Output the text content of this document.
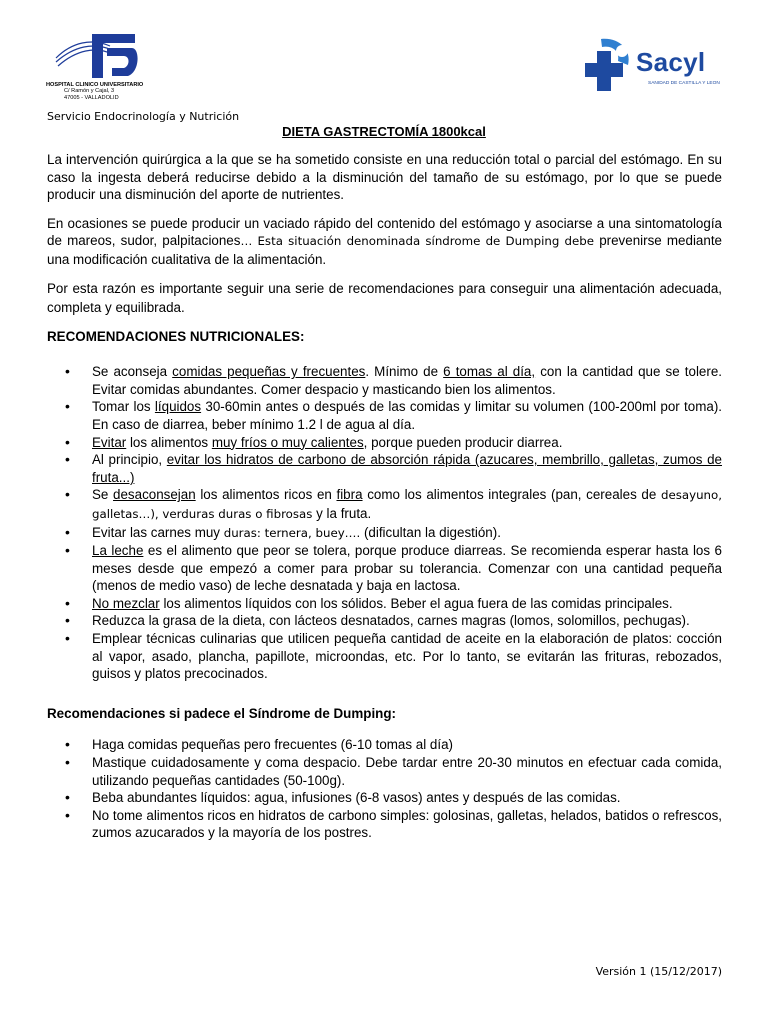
HOSPITAL CLINICO UNIVERSITARIO
C/ Ramón y Cajal, 3
47005 - VALLADOLID
Sacyl
SANIDAD DE CASTILLA Y LEON
Servicio Endocrinología y Nutrición
DIETA GASTRECTOMÍA 1800kcal

La intervención quirúrgica a la que se ha sometido consiste en una reducción total o parcial del estómago. En su caso la ingesta deberá reducirse debido a la disminución del tamaño de su estómago, por lo que se puede producir una disminución del aporte de nutrientes.

En ocasiones se puede producir un vaciado rápido del contenido del estómago y asociarse a una sintomatología de mareos, sudor, palpitaciones… Esta situación denominada síndrome de Dumping debe prevenirse mediante una modificación cualitativa de la alimentación.

Por esta razón es importante seguir una serie de recomendaciones para conseguir una alimentación adecuada, completa y equilibrada.

RECOMENDACIONES NUTRICIONALES:
• Se aconseja comidas pequeñas y frecuentes. Mínimo de 6 tomas al día, con la cantidad que se tolere. Evitar comidas abundantes. Comer despacio y masticando bien los alimentos.
• Tomar los líquidos 30-60min antes o después de las comidas y limitar su volumen (100-200ml por toma). En caso de diarrea, beber mínimo 1.2 l de agua al día.
• Evitar los alimentos muy fríos o muy calientes, porque pueden producir diarrea.
• Al principio, evitar los hidratos de carbono de absorción rápida (azucares, membrillo, galletas, zumos de fruta...)
• Se desaconsejan los alimentos ricos en fibra como los alimentos integrales (pan, cereales de desayuno, galletas…), verduras duras o fibrosas y la fruta.
• Evitar las carnes muy duras: ternera, buey…. (dificultan la digestión).
• La leche es el alimento que peor se tolera, porque produce diarreas. Se recomienda esperar hasta los 6 meses desde que empezó a comer para probar su tolerancia. Comenzar con una cantidad pequeña (menos de medio vaso) de leche desnatada y baja en lactosa.
• No mezclar los alimentos líquidos con los sólidos. Beber el agua fuera de las comidas principales.
• Reduzca la grasa de la dieta, con lácteos desnatados, carnes magras (lomos, solomillos, pechugas).
• Emplear técnicas culinarias que utilicen pequeña cantidad de aceite en la elaboración de platos: cocción al vapor, asado, plancha, papillote, microondas, etc. Por lo tanto, se evitarán las frituras, rebozados, guisos y platos precocinados.
Recomendaciones si padece el Síndrome de Dumping:
• Haga comidas pequeñas pero frecuentes (6-10 tomas al día)
• Mastique cuidadosamente y coma despacio. Debe tardar entre 20-30 minutos en efectuar cada comida, utilizando pequeñas cantidades (50-100g).
• Beba abundantes líquidos: agua, infusiones (6-8 vasos) antes y después de las comidas.
• No tome alimentos ricos en hidratos de carbono simples: golosinas, galletas, helados, batidos o refrescos, zumos azucarados y la mayoría de los postres.
Versión 1 (15/12/2017)
